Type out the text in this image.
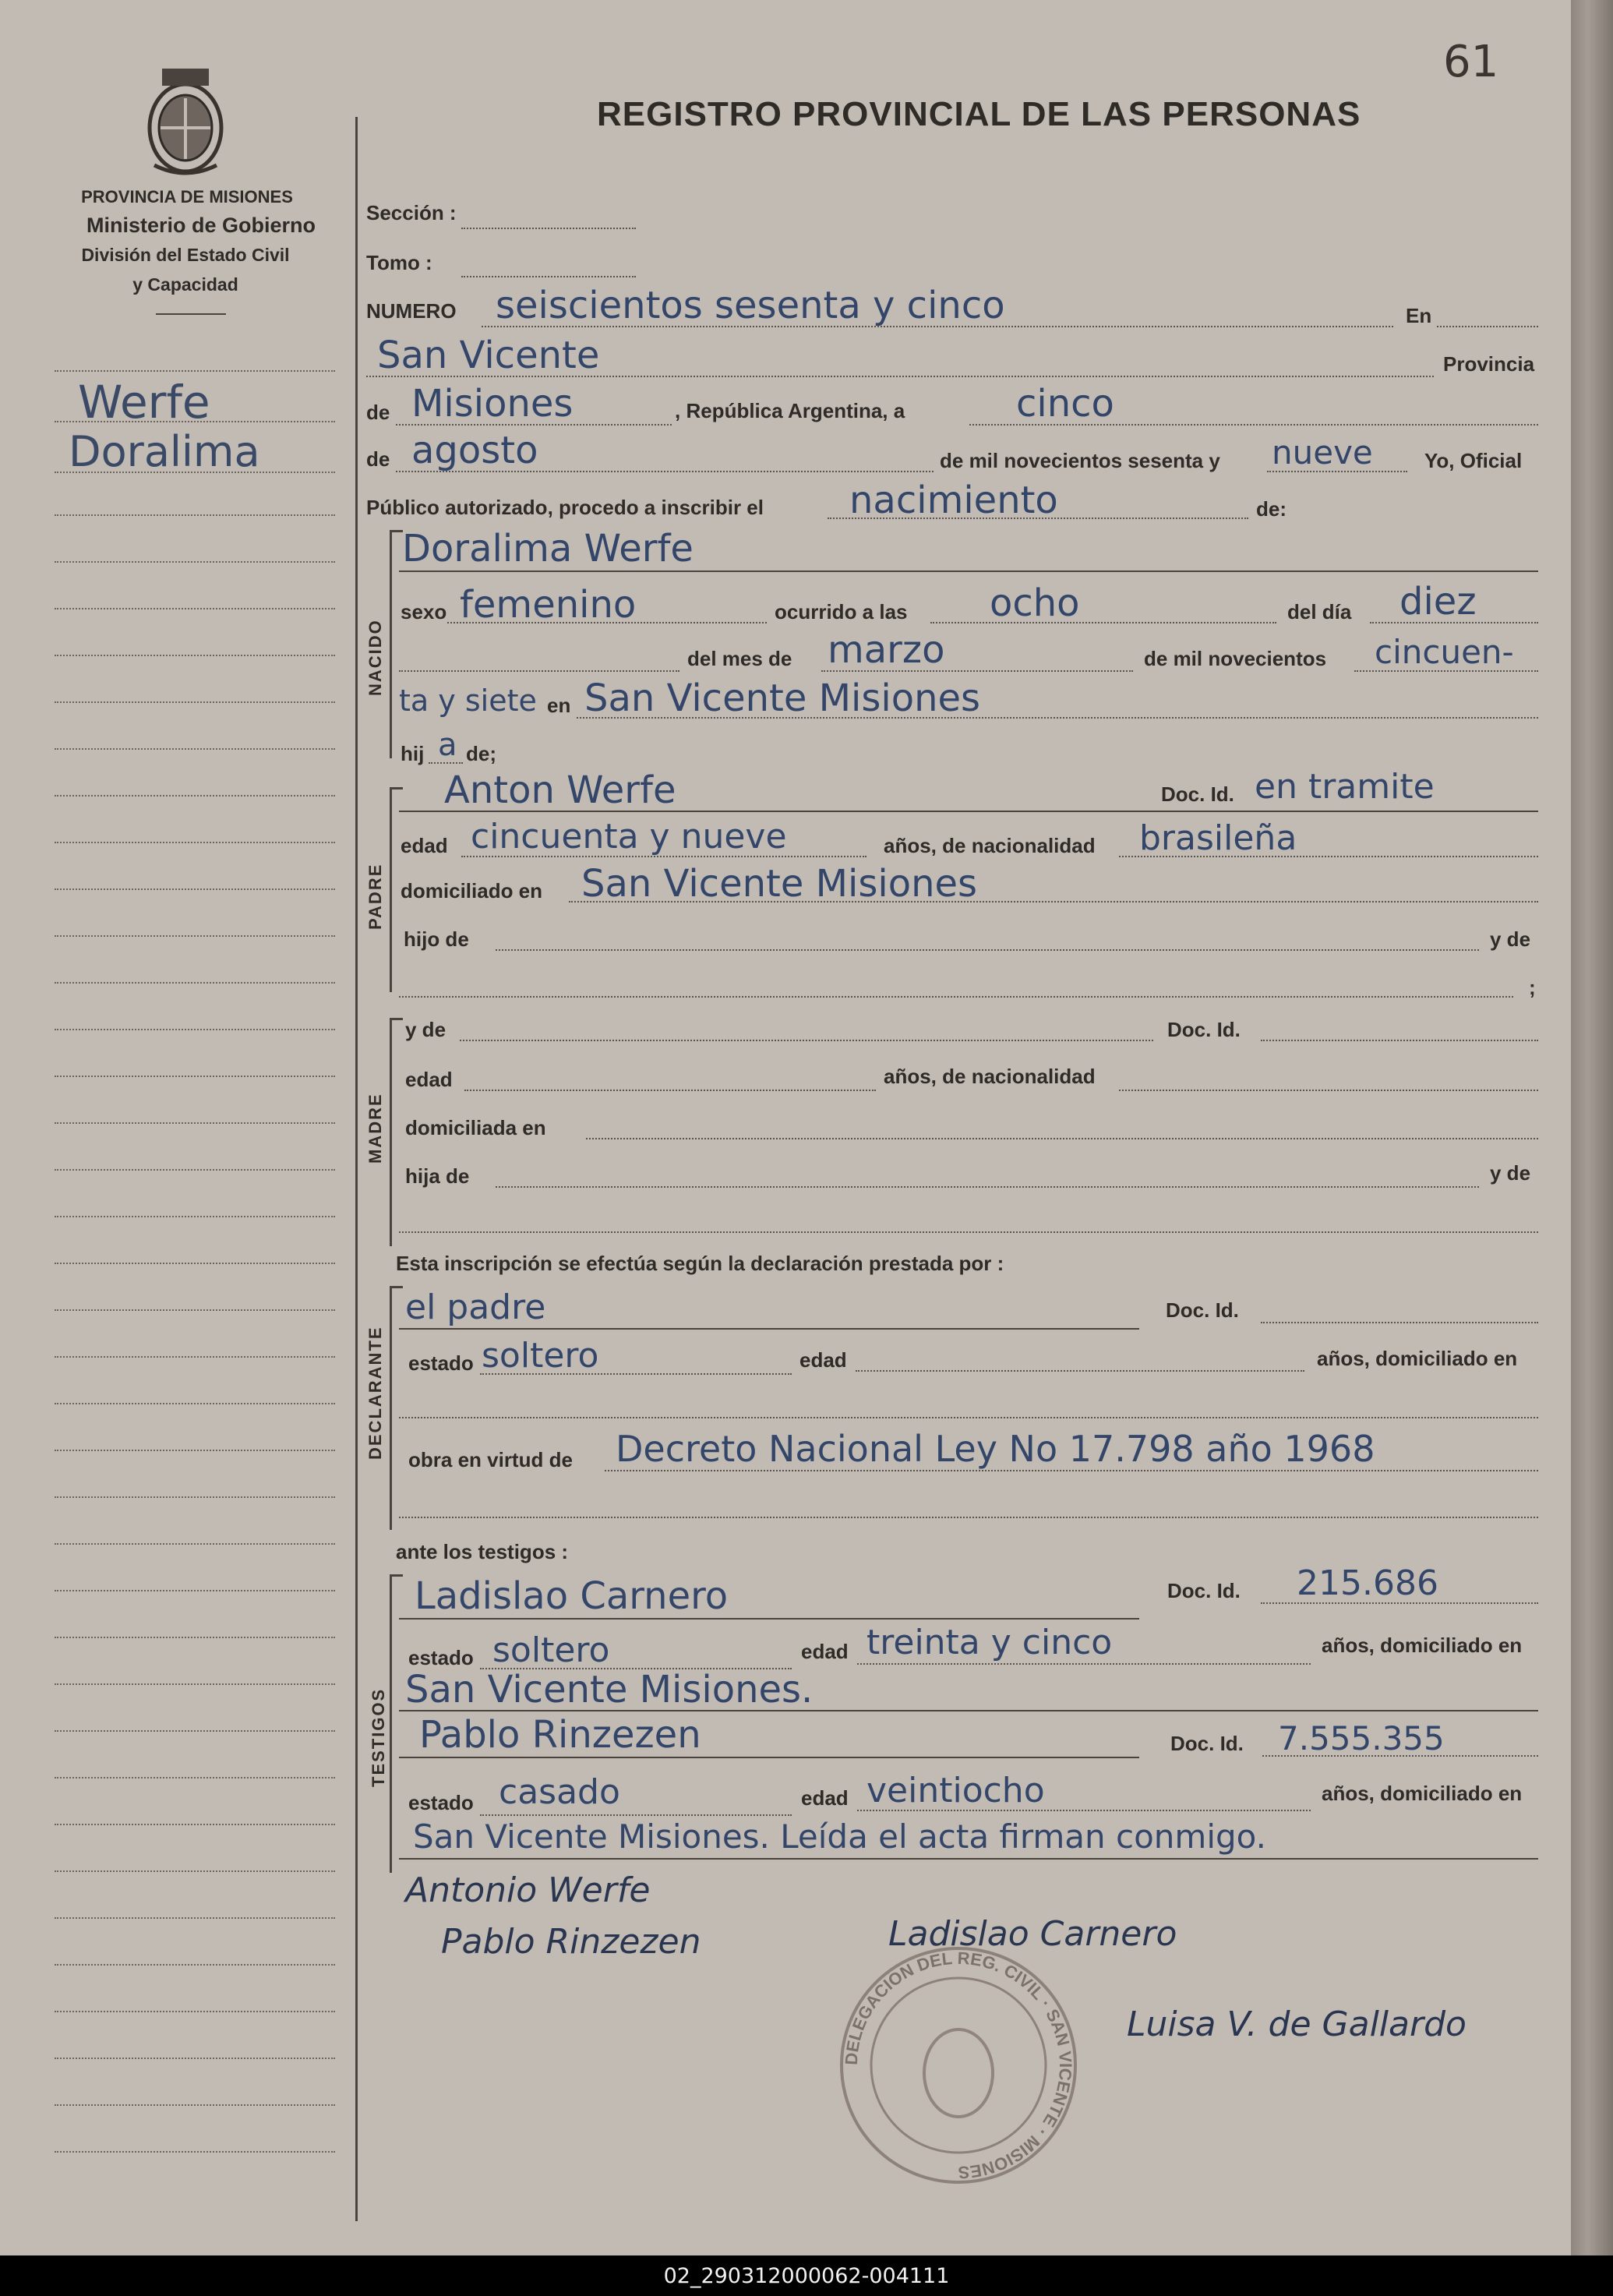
61
PROVINCIA DE MISIONES
Ministerio de Gobierno
División del Estado Civil
y Capacidad
REGISTRO PROVINCIAL DE LAS PERSONAS
Werfe
Doralima
Sección :
Tomo :
NUMERO seiscientos sesenta y cinco	En
San Vicente	Provincia
de Misiones	, República Argentina, a	cinco
de agosto	de mil novecientos sesenta y nueve	Yo, Oficial
Público autorizado, procedo a inscribir el nacimiento	de:
NACIDO
Doralima Werfe
sexo femenino	ocurrido a las ocho	del día diez
del mes de marzo	de mil novecientos cincuen-
ta y siete en San Vicente Misiones
hij a de;
PADRE
Anton Werfe	Doc. Id. en tramite
edad cincuenta y nueve	años, de nacionalidad brasileña
domiciliado en San Vicente Misiones
hijo de	y de
;
MADRE
y de	Doc. Id.
edad	años, de nacionalidad
domiciliada en
hija de	y de
Esta inscripción se efectúa según la declaración prestada por :
DECLARANTE
el padre	Doc. Id.
estado soltero	edad	años, domiciliado en
obra en virtud de Decreto Nacional Ley No 17.798 año 1968
ante los testigos :
TESTIGOS
Ladislao Carnero	Doc. Id. 215.686
estado soltero	edad treinta y cinco	años, domiciliado en
San Vicente Misiones.
Pablo Rinzezen	Doc. Id. 7.555.355
estado casado	edad veintiocho	años, domiciliado en
San Vicente Misiones. Leída el acta firman conmigo.
Antonio Werfe
Pablo Rinzezen	Ladislao Carnero
Luisa V. de Gallardo
DELEGACION DEL REG. CIVIL · SAN VICENTE · MISIONES
02_290312000062-004111
